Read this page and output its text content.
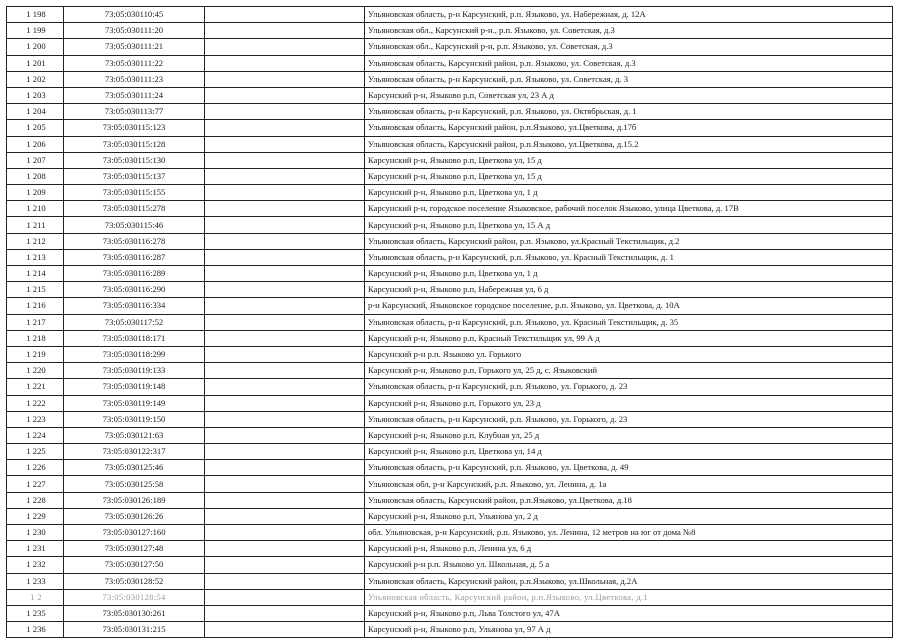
1 198	73:05:030110:45		Ульяновская область, р-н Карсунский, р.п. Языково, ул. Набережная, д. 12А
1 199	73:05:030111:20		Ульяновская обл., Карсунский р-н., р.п. Языково, ул. Советская, д.3
1 200	73:05:030111:21		Ульяновская обл., Карсунский р-н, р.п. Языково, ул. Советская, д.3
1 201	73:05:030111:22		Ульяновская область, Карсунский район, р.п. Языково, ул. Советская, д.3
1 202	73:05:030111:23		Ульяновская область, р-н Карсунский, р.п. Языково, ул. Советская, д. 3
1 203	73:05:030111:24		Карсунский р-н, Языково р.п, Советская ул, 23 А д
1 204	73:05:030113:77		Ульяновская область, р-н Карсунский, р.п. Языково, ул. Октябрьская, д. 1
1 205	73:05:030115:123		Ульяновская область, Карсунский район, р.п.Языково, ул.Цветкова, д.17б
1 206	73:05:030115:128		Ульяновская область, Карсунский район, р.п.Языково, ул.Цветкова, д.15.2
1 207	73:05:030115:130		Карсунский р-н, Языково р.п, Цветкова ул, 15 д
1 208	73:05:030115:137		Карсунский р-н, Языково р.п, Цветкова ул, 15 д
1 209	73:05:030115:155		Карсунский р-н, Языково р.п, Цветкова ул, 1 д
1 210	73:05:030115:278		Карсунский р-н, городское поселение Языковское, рабочий поселок Языково, улица Цветкова, д. 17В
1 211	73:05:030115:46		Карсунский р-н, Языково р.п, Цветкова ул, 15 А д
1 212	73:05:030116:278		Ульяновская область, Карсунский район, р.п. Языково, ул.Красный Текстильщик, д.2
1 213	73:05:030116:287		Ульяновская область, р-н Карсунский, р.п. Языково, ул. Красный Текстильщик, д. 1
1 214	73:05:030116:289		Карсунский р-н, Языково р.п, Цветкова ул, 1 д
1 215	73:05:030116:290		Карсунский р-н, Языково р.п, Набережная ул, 6 д
1 216	73:05:030116:334		р-н Карсунский, Языковское городское поселение, р.п. Языково, ул. Цветкова, д. 10А
1 217	73:05:030117:52		Ульяновская область, р-н Карсунский, р.п. Языково, ул. Красный Текстильщик, д. 35
1 218	73:05:030118:171		Карсунский р-н, Языково р.п, Красный Текстильщик ул, 99 А д
1 219	73:05:030118:299		Карсунский р-н р.п. Языково ул. Горького
1 220	73:05:030119:133		Карсунский р-н, Языково р.п, Горького ул, 25 д, с. Языковский
1 221	73:05:030119:148		Ульяновская область, р-н Карсунский, р.п. Языково, ул. Горького, д. 23
1 222	73:05:030119:149		Карсунский р-н, Языково р.п, Горького ул, 23 д
1 223	73:05:030119:150		Ульяновская область, р-н Карсунский, р.п. Языково, ул. Горького, д. 23
1 224	73:05:030121:63		Карсунский р-н, Языково р.п, Клубная ул, 25 д
1 225	73:05:030122:317		Карсунский р-н, Языково р.п, Цветкова ул, 14 д
1 226	73:05:030125:46		Ульяновская область, р-н Карсунский, р.п. Языково, ул. Цветкова, д. 49
1 227	73:05:030125:58		Ульяновская обл, р-н Карсунский, р.п. Языково, ул. Ленина, д. 1а
1 228	73:05:030126:189		Ульяновская область, Карсунский район, р.п.Языково, ул.Цветкова, д.18
1 229	73:05:030126:26		Карсунский р-н, Языково р.п, Ульянова ул, 2 д
1 230	73:05:030127:160		обл. Ульяновская, р-н Карсунский, р.п. Языково, ул. Ленина, 12 метров на юг от дома №8
1 231	73:05:030127:48		Карсунский р-н, Языково р.п, Ленина ул, 6 д
1 232	73:05:030127:50		Карсунский р-н р.п. Языково ул. Школьная, д. 5 а
1 233	73:05:030128:52		Ульяновская область, Карсунский район, р.п.Языково, ул.Школьная, д.2А
1 2	73:05:030128:54		Ульяновская область, Карсунский район, р.п.Языково, ул.Цветкова, д.1
1 235	73:05:030130:261		Карсунский р-н, Языково р.п, Льва Толстого ул, 47А
1 236	73:05:030131:215		Карсунский р-н, Языково р.п, Ульянова ул, 97 А д
